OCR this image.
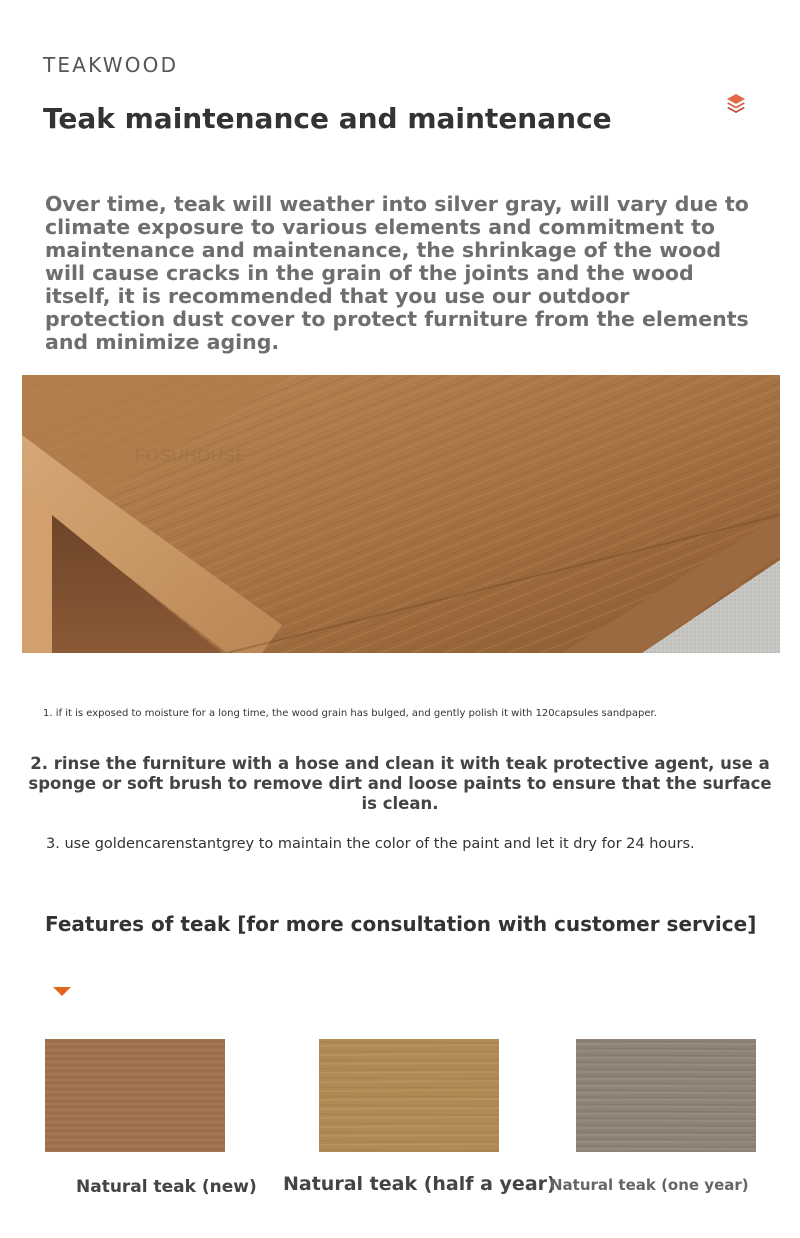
TEAKWOOD
Teak maintenance and maintenance
Over time, teak will weather into silver gray, will vary due to climate exposure to various elements and commitment to maintenance and maintenance, the shrinkage of the wood will cause cracks in the grain of the joints and the wood itself, it is recommended that you use our outdoor protection dust cover to protect furniture from the elements and minimize aging.
FOSUHOUSE
1. if it is exposed to moisture for a long time, the wood grain has bulged, and gently polish it with 120capsules sandpaper.
2. rinse the furniture with a hose and clean it with teak protective agent, use a sponge or soft brush to remove dirt and loose paints to ensure that the surface is clean.
3. use goldencarenstantgrey to maintain the color of the paint and let it dry for 24 hours.
Features of teak [for more consultation with customer service]
Natural teak (new) Natural teak (half a year)
Natural teak (one year)
